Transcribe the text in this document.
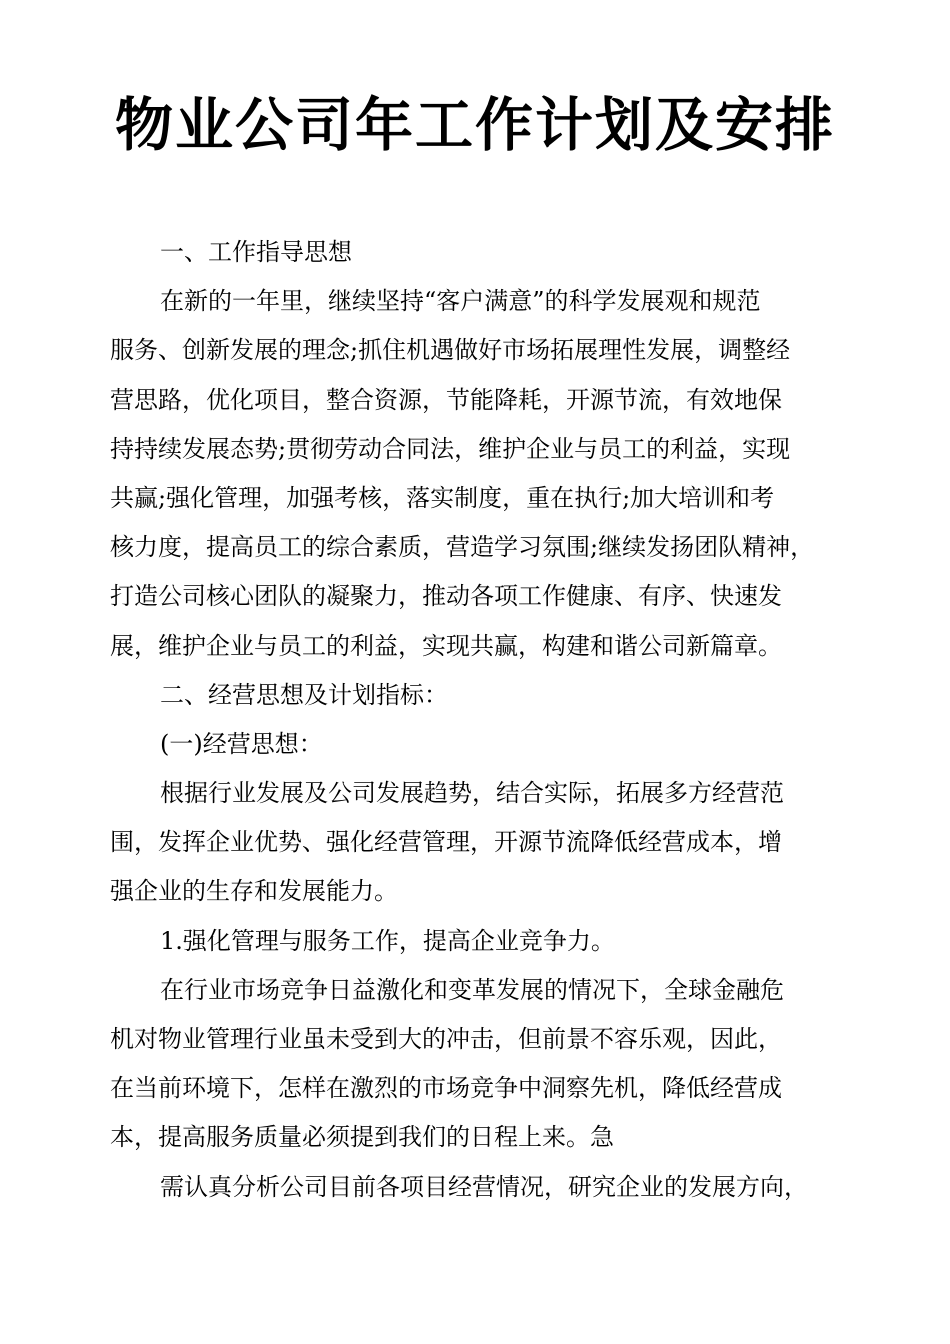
物业公司年工作计划及安排
一、工作指导思想
在新的一年里，继续坚持“客户满意”的科学发展观和规范
服务、创新发展的理念;抓住机遇做好市场拓展理性发展，调整经
营思路，优化项目，整合资源，节能降耗，开源节流，有效地保
持持续发展态势;贯彻劳动合同法，维护企业与员工的利益，实现
共赢;强化管理，加强考核，落实制度，重在执行;加大培训和考
核力度，提高员工的综合素质，营造学习氛围;继续发扬团队精神，
打造公司核心团队的凝聚力，推动各项工作健康、有序、快速发
展，维护企业与员工的利益，实现共赢，构建和谐公司新篇章。
二、经营思想及计划指标：
(一)经营思想：
根据行业发展及公司发展趋势，结合实际，拓展多方经营范
围，发挥企业优势、强化经营管理，开源节流降低经营成本，增
强企业的生存和发展能力。
1.强化管理与服务工作，提高企业竞争力。
在行业市场竞争日益激化和变革发展的情况下，全球金融危
机对物业管理行业虽未受到大的冲击，但前景不容乐观，因此，
在当前环境下，怎样在激烈的市场竞争中洞察先机，降低经营成
本，提高服务质量必须提到我们的日程上来。急
需认真分析公司目前各项目经营情况，研究企业的发展方向，
